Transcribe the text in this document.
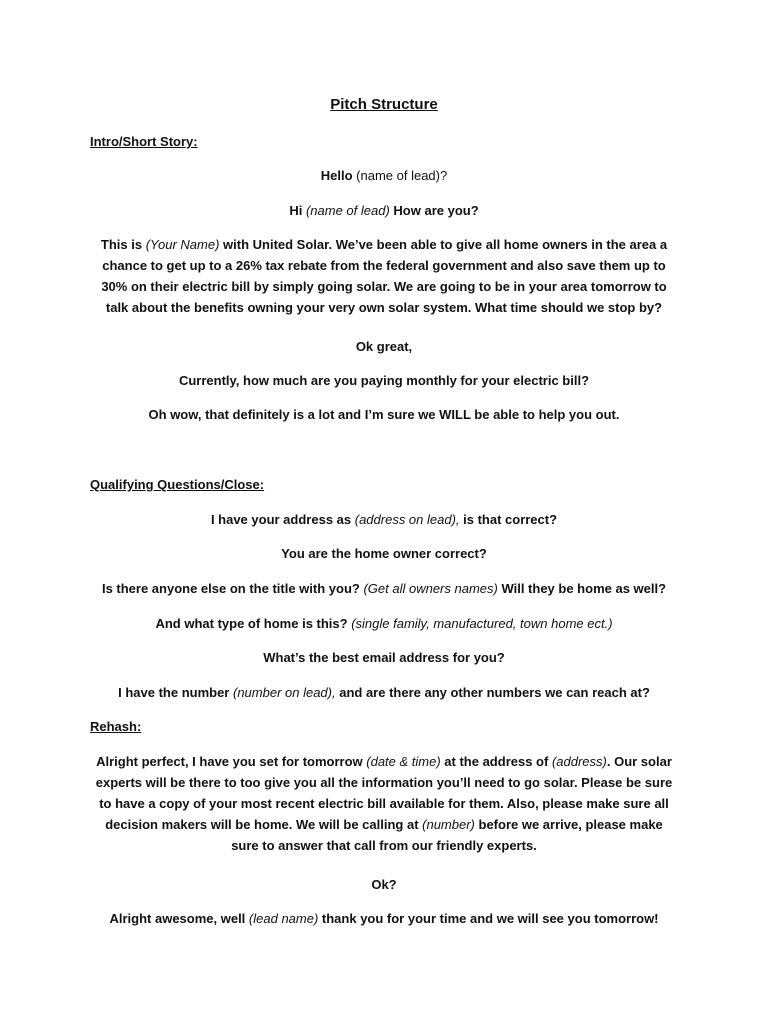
Pitch Structure
Intro/Short Story:
Hello (name of lead)?
Hi (name of lead) How are you?
This is (Your Name) with United Solar. We’ve been able to give all home owners in the area a chance to get up to a 26% tax rebate from the federal government and also save them up to 30% on their electric bill by simply going solar. We are going to be in your area tomorrow to talk about the benefits owning your very own solar system. What time should we stop by?
Ok great,
Currently, how much are you paying monthly for your electric bill?
Oh wow, that definitely is a lot and I’m sure we WILL be able to help you out.
Qualifying Questions/Close:
I have your address as (address on lead), is that correct?
You are the home owner correct?
Is there anyone else on the title with you? (Get all owners names) Will they be home as well?
And what type of home is this? (single family, manufactured, town home ect.)
What’s the best email address for you?
I have the number (number on lead), and are there any other numbers we can reach at?
Rehash:
Alright perfect, I have you set for tomorrow (date & time) at the address of (address). Our solar experts will be there to too give you all the information you’ll need to go solar. Please be sure to have a copy of your most recent electric bill available for them. Also, please make sure all decision makers will be home. We will be calling at (number) before we arrive, please make sure to answer that call from our friendly experts.
Ok?
Alright awesome, well (lead name) thank you for your time and we will see you tomorrow!
